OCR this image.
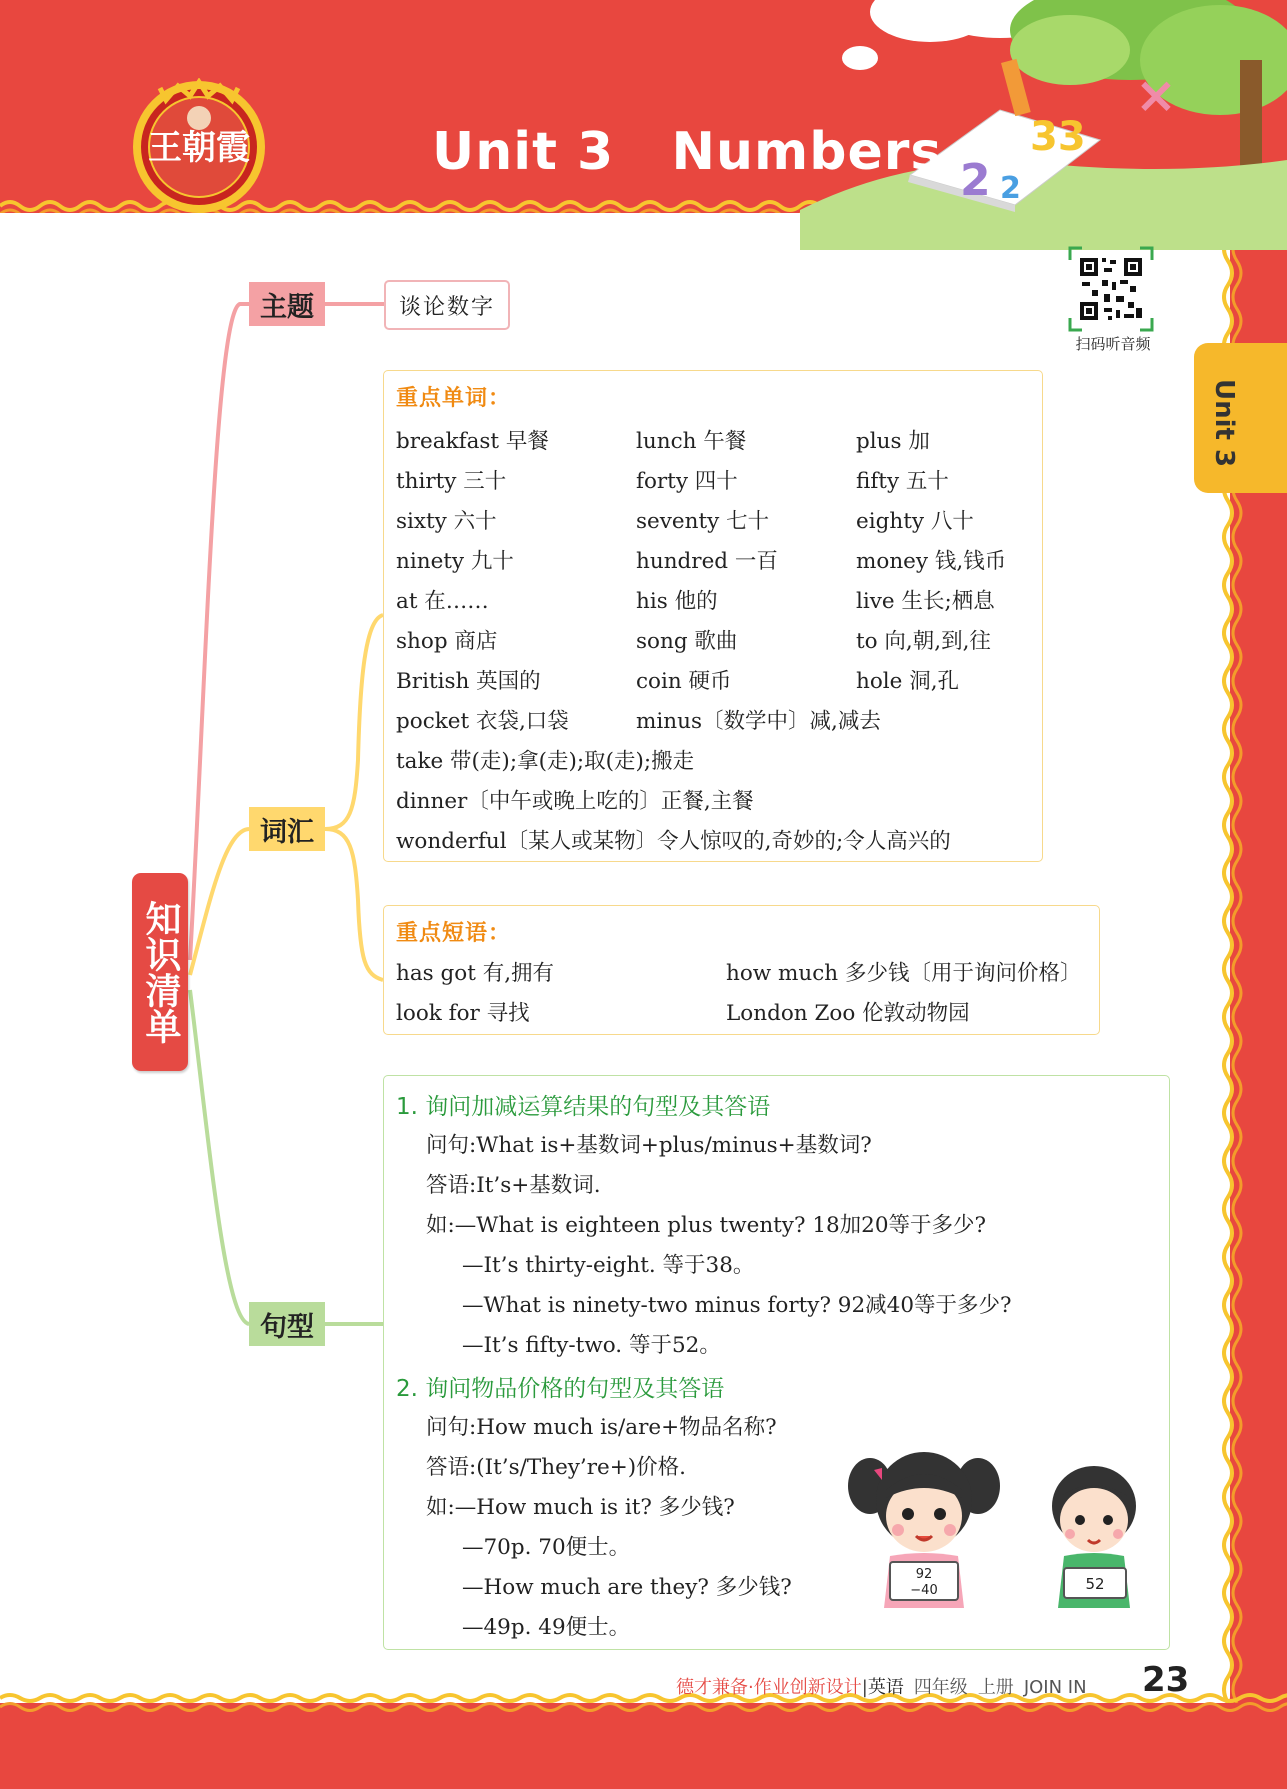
33
2 2
×
王朝霞	Unit 3   Numbers
扫码听音频
Unit 3
知识清单
主题
词汇
句型
谈论数字
重点单词：
breakfast 早餐	lunch 午餐	plus 加
thirty 三十	forty 四十	fifty 五十
sixty 六十	seventy 七十	eighty 八十
ninety 九十	hundred 一百	money 钱,钱币
at 在……	his 他的	live 生长;栖息
shop 商店	song 歌曲	to 向,朝,到,往
British 英国的	coin 硬币	hole 洞,孔
pocket 衣袋,口袋	minus〔数学中〕减,减去
take 带(走);拿(走);取(走);搬走
dinner〔中午或晚上吃的〕正餐,主餐
wonderful〔某人或某物〕令人惊叹的,奇妙的;令人高兴的
重点短语：
has got 有,拥有	how much 多少钱〔用于询问价格〕
look for 寻找	London Zoo 伦敦动物园
1. 询问加减运算结果的句型及其答语
问句:What is+基数词+plus/minus+基数词?
答语:It’s+基数词.
如:—What is eighteen plus twenty? 18加20等于多少?
—It’s thirty-eight. 等于38。
—What is ninety-two minus forty? 92减40等于多少?
—It’s fifty-two. 等于52。
2. 询问物品价格的句型及其答语
问句:How much is/are+物品名称?
答语:(It’s/They’re+)价格.
如:—How much is it? 多少钱?
—70p. 70便士。
—How much are they? 多少钱?
—49p. 49便士。
92
−40	52
德才兼备·作业创新设计|英语 四年级 上册 JOIN IN 23
